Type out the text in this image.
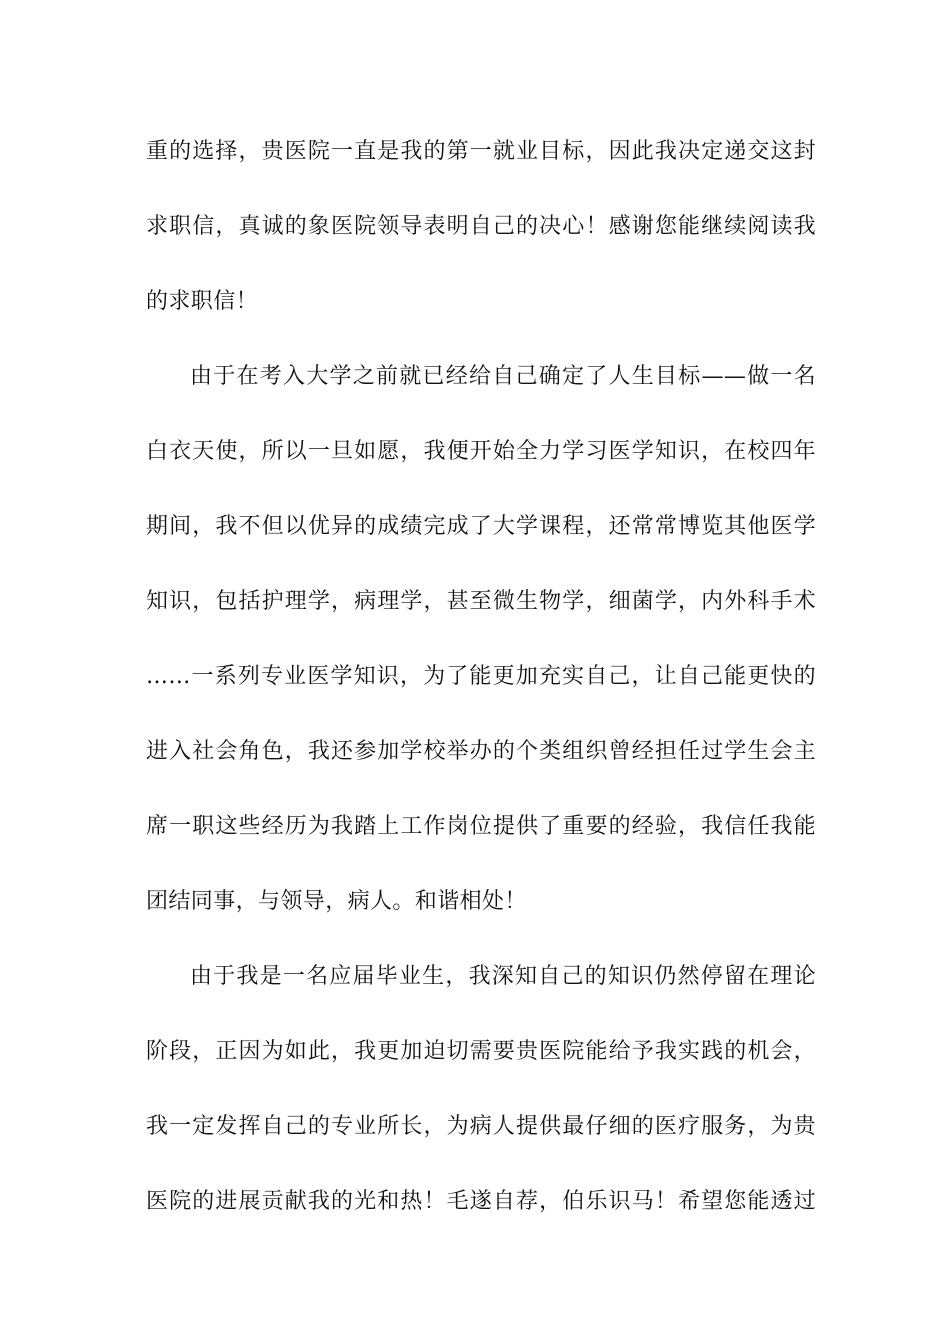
重的选择，贵医院一直是我的第一就业目标，因此我决定递交这封
求职信，真诚的象医院领导表明自己的决心！感谢您能继续阅读我
的求职信！
由于在考入大学之前就已经给自己确定了人生目标——做一名
白衣天使，所以一旦如愿，我便开始全力学习医学知识，在校四年
期间，我不但以优异的成绩完成了大学课程，还常常博览其他医学
知识，包括护理学，病理学，甚至微生物学，细菌学，内外科手术
……一系列专业医学知识，为了能更加充实自己，让自己能更快的
进入社会角色，我还参加学校举办的个类组织曾经担任过学生会主
席一职这些经历为我踏上工作岗位提供了重要的经验，我信任我能
团结同事，与领导，病人。和谐相处！
由于我是一名应届毕业生，我深知自己的知识仍然停留在理论
阶段，正因为如此，我更加迫切需要贵医院能给予我实践的机会，
我一定发挥自己的专业所长，为病人提供最仔细的医疗服务，为贵
医院的进展贡献我的光和热！毛遂自荐，伯乐识马！希望您能透过
